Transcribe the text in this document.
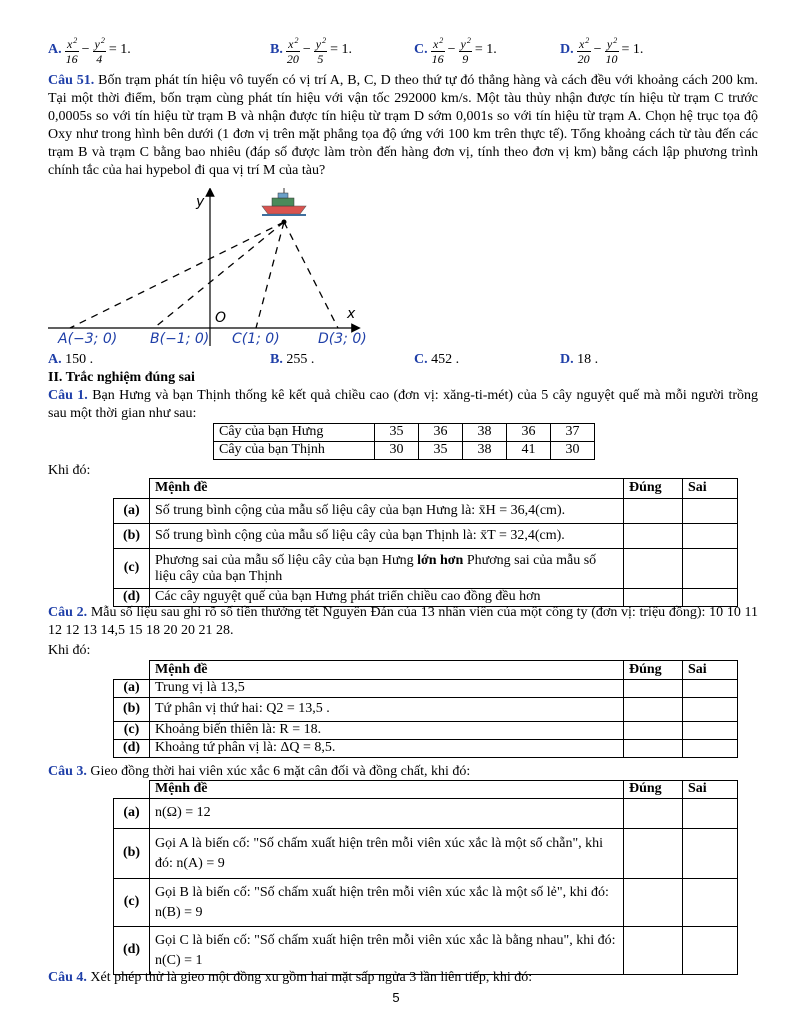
A. $\frac{x^2}{16} - \frac{y^2}{4} = 1$.	B. $\frac{x^2}{20} - \frac{y^2}{5} = 1$.	C. $\frac{x^2}{16} - \frac{y^2}{9} = 1$.	D. $\frac{x^2}{20} - \frac{y^2}{10} = 1$.
Câu 51. Bốn trạm phát tín hiệu vô tuyến có vị trí A, B, C, D theo thứ tự đó thẳng hàng và cách đều với khoảng cách 200 km. Tại một thời điểm, bốn trạm cùng phát tín hiệu với vận tốc 292000 km/s. Một tàu thủy nhận được tín hiệu từ trạm C trước 0,0005s so với tín hiệu từ trạm B và nhận được tín hiệu từ trạm D sớm 0,001s so với tín hiệu từ trạm A. Chọn hệ trục tọa độ Oxy như trong hình bên dưới (1 đơn vị trên mặt phẳng tọa độ ứng với 100 km trên thực tế). Tổng khoảng cách từ tàu đến các trạm B và trạm C bằng bao nhiêu (đáp số được làm tròn đến hàng đơn vị, tính theo đơn vị km) bằng cách lập phương trình chính tắc của hai hypebol đi qua vị trí M của tàu?
y
x
O
A(−3; 0) B(−1; 0) C(1; 0)	D(3; 0)
A. 150 .	B. 255 .	C. 452 .	D. 18 .
II. Trắc nghiệm đúng sai
Câu 1. Bạn Hưng và bạn Thịnh thống kê kết quả chiều cao (đơn vị: xăng-ti-mét) của 5 cây nguyệt quế mà mỗi người trồng sau một thời gian như sau:
Cây của bạn Hưng	35	36	38	36	37
Cây của bạn Thịnh	30	35	38	41	30
Khi đó:
	Mệnh đề	Đúng	Sai
(a)	Số trung bình cộng của mẫu số liệu cây của bạn Hưng là: x̄H = 36,4(cm).		
(b)	Số trung bình cộng của mẫu số liệu cây của bạn Thịnh là: x̄T = 32,4(cm).		
(c)	Phương sai của mẫu số liệu cây của bạn Hưng lớn hơn Phương sai của mẫu số liệu cây của bạn Thịnh		
(d)	Các cây nguyệt quế của bạn Hưng phát triển chiều cao đồng đều hơn		
Câu 2. Mẫu số liệu sau ghi rõ số tiền thưởng tết Nguyên Đán của 13 nhân viên của một công ty (đơn vị: triệu đồng): 10 10 11 12 12 13 14,5 15 18 20 20 21 28.
Khi đó:
	Mệnh đề	Đúng	Sai
(a)	Trung vị là 13,5		
(b)	Tứ phân vị thứ hai: Q2 = 13,5 .		
(c)	Khoảng biến thiên là: R = 18.		
(d)	Khoảng tứ phân vị là: ΔQ = 8,5.		
Câu 3. Gieo đồng thời hai viên xúc xắc 6 mặt cân đối và đồng chất, khi đó:
	Mệnh đề	Đúng	Sai
(a)	n(Ω) = 12		
(b)	Gọi A là biến cố: "Số chấm xuất hiện trên mỗi viên xúc xắc là một số chẵn", khi đó: n(A) = 9		
(c)	Gọi B là biến cố: "Số chấm xuất hiện trên mỗi viên xúc xắc là một số lẻ", khi đó: n(B) = 9		
(d)	Gọi C là biến cố: "Số chấm xuất hiện trên mỗi viên xúc xắc là bằng nhau", khi đó: n(C) = 1		
Câu 4. Xét phép thử là gieo một đồng xu gồm hai mặt sấp ngửa 3 lần liên tiếp, khi đó:
5
